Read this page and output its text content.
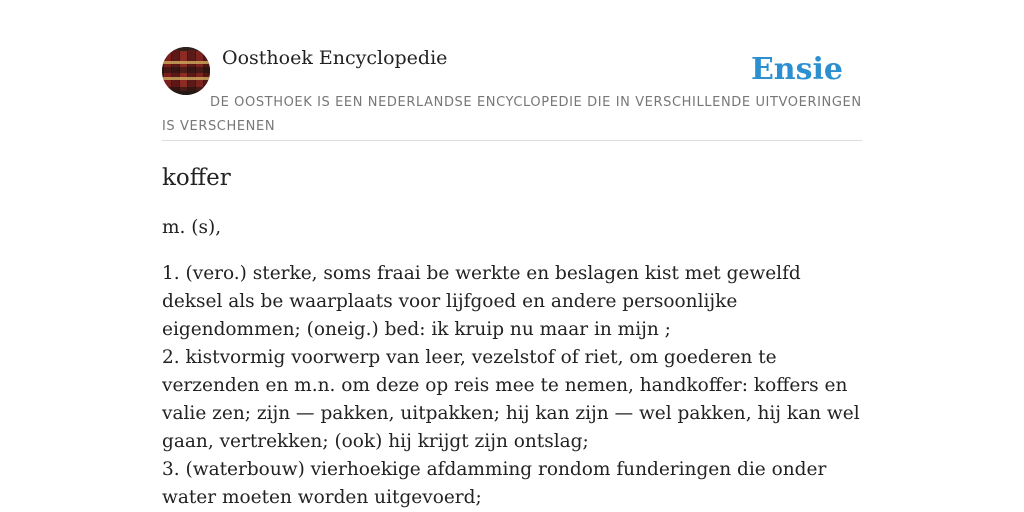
Oosthoek Encyclopedie	Ensie
DE OOSTHOEK IS EEN NEDERLANDSE ENCYCLOPEDIE DIE IN VERSCHILLENDE UITVOERINGEN IS VERSCHENEN
koffer

m. (s),

1. (vero.) sterke, soms fraai be werkte en beslagen kist met gewelfd deksel als be waarplaats voor lijfgoed en andere persoonlijke eigendommen; (oneig.) bed: ik kruip nu maar in mijn ;
2. kistvormig voorwerp van leer, vezelstof of riet, om goederen te verzenden en m.n. om deze op reis mee te nemen, handkoffer: koffers en valie zen; zijn — pakken, uitpakken; hij kan zijn — wel pakken, hij kan wel gaan, vertrekken; (ook) hij krijgt zijn ontslag;
3. (waterbouw) vierhoekige afdamming rondom funderingen die onder water moeten worden uitgevoerd;
